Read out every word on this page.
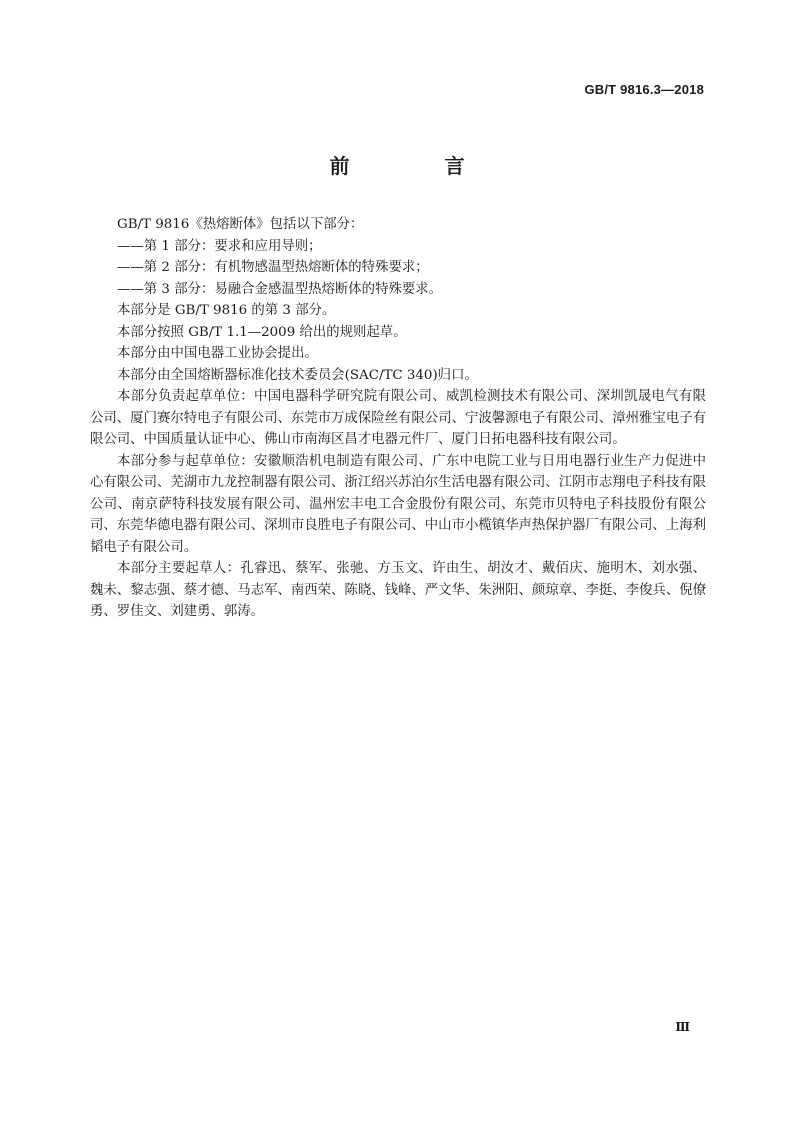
GB/T 9816.3—2018
前 言

GB/T 9816《热熔断体》包括以下部分：

——第 1 部分：要求和应用导则；

——第 2 部分：有机物感温型热熔断体的特殊要求；

——第 3 部分：易融合金感温型热熔断体的特殊要求。

本部分是 GB/T 9816 的第 3 部分。

本部分按照 GB/T 1.1—2009 给出的规则起草。

本部分由中国电器工业协会提出。

本部分由全国熔断器标准化技术委员会(SAC/TC 340)归口。

本部分负责起草单位：中国电器科学研究院有限公司、威凯检测技术有限公司、深圳凯晟电气有限公司、厦门赛尔特电子有限公司、东莞市万成保险丝有限公司、宁波馨源电子有限公司、漳州雅宝电子有限公司、中国质量认证中心、佛山市南海区昌才电器元件厂、厦门日拓电器科技有限公司。

本部分参与起草单位：安徽顺浩机电制造有限公司、广东中电院工业与日用电器行业生产力促进中心有限公司、芜湖市九龙控制器有限公司、浙江绍兴苏泊尔生活电器有限公司、江阴市志翔电子科技有限公司、南京萨特科技发展有限公司、温州宏丰电工合金股份有限公司、东莞市贝特电子科技股份有限公司、东莞华德电器有限公司、深圳市良胜电子有限公司、中山市小榄镇华声热保护器厂有限公司、上海利韬电子有限公司。

本部分主要起草人：孔睿迅、蔡军、张驰、方玉文、许由生、胡汝才、戴佰庆、施明木、刘水强、魏未、黎志强、蔡才德、马志军、南西荣、陈晓、钱峰、严文华、朱洲阳、颜琼章、李挺、李俊兵、倪僚勇、罗佳文、刘建勇、郭涛。

Ⅲ
